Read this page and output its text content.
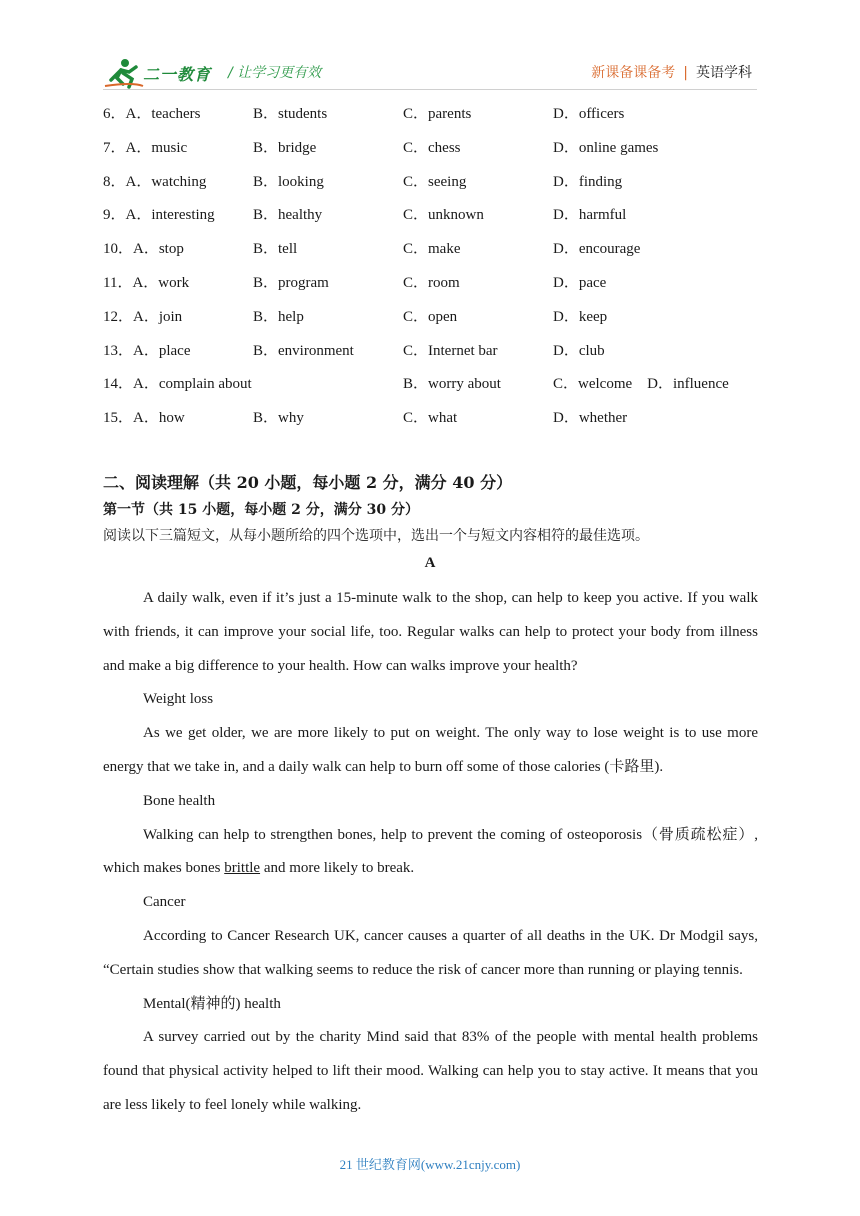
二一教育 / 让学习更有效	新课备课备考 | 英语学科
6．A．teachers	B．students	C．parents	D．officers
7．A．music	B．bridge	C．chess	D．online games
8．A．watching	B．looking	C．seeing	D．finding
9．A．interesting	B．healthy	C．unknown	D．harmful
10．A．stop	B．tell	C．make	D．encourage
11．A．work	B．program	C．room	D．pace
12．A．join	B．help	C．open	D．keep
13．A．place	B．environment	C．Internet bar	D．club
14．A．complain about	B．worry about	C．welcome　D．influence
15．A．how	B．why	C．what	D．whether
二、阅读理解（共 20 小题，每小题 2 分，满分 40 分）
第一节（共 15 小题，每小题 2 分，满分 30 分）
阅读以下三篇短文，从每小题所给的四个选项中，选出一个与短文内容相符的最佳选项。
A

A daily walk, even if it’s just a 15-minute walk to the shop, can help to keep you active. If you walk with friends, it can improve your social life, too. Regular walks can help to protect your body from illness and make a big difference to your health. How can walks improve your health?

Weight loss

As we get older, we are more likely to put on weight. The only way to lose weight is to use more energy that we take in, and a daily walk can help to burn off some of those calories (卡路里).

Bone health

Walking can help to strengthen bones, help to prevent the coming of osteoporosis（骨质疏松症）, which makes bones brittle and more likely to break.

Cancer

According to Cancer Research UK, cancer causes a quarter of all deaths in the UK. Dr Modgil says, “Certain studies show that walking seems to reduce the risk of cancer more than running or playing tennis.

Mental(精神的) health

A survey carried out by the charity Mind said that 83% of the people with mental health problems found that physical activity helped to lift their mood. Walking can help you to stay active. It means that you are less likely to feel lonely while walking.

21 世纪教育网(www.21cnjy.com)
